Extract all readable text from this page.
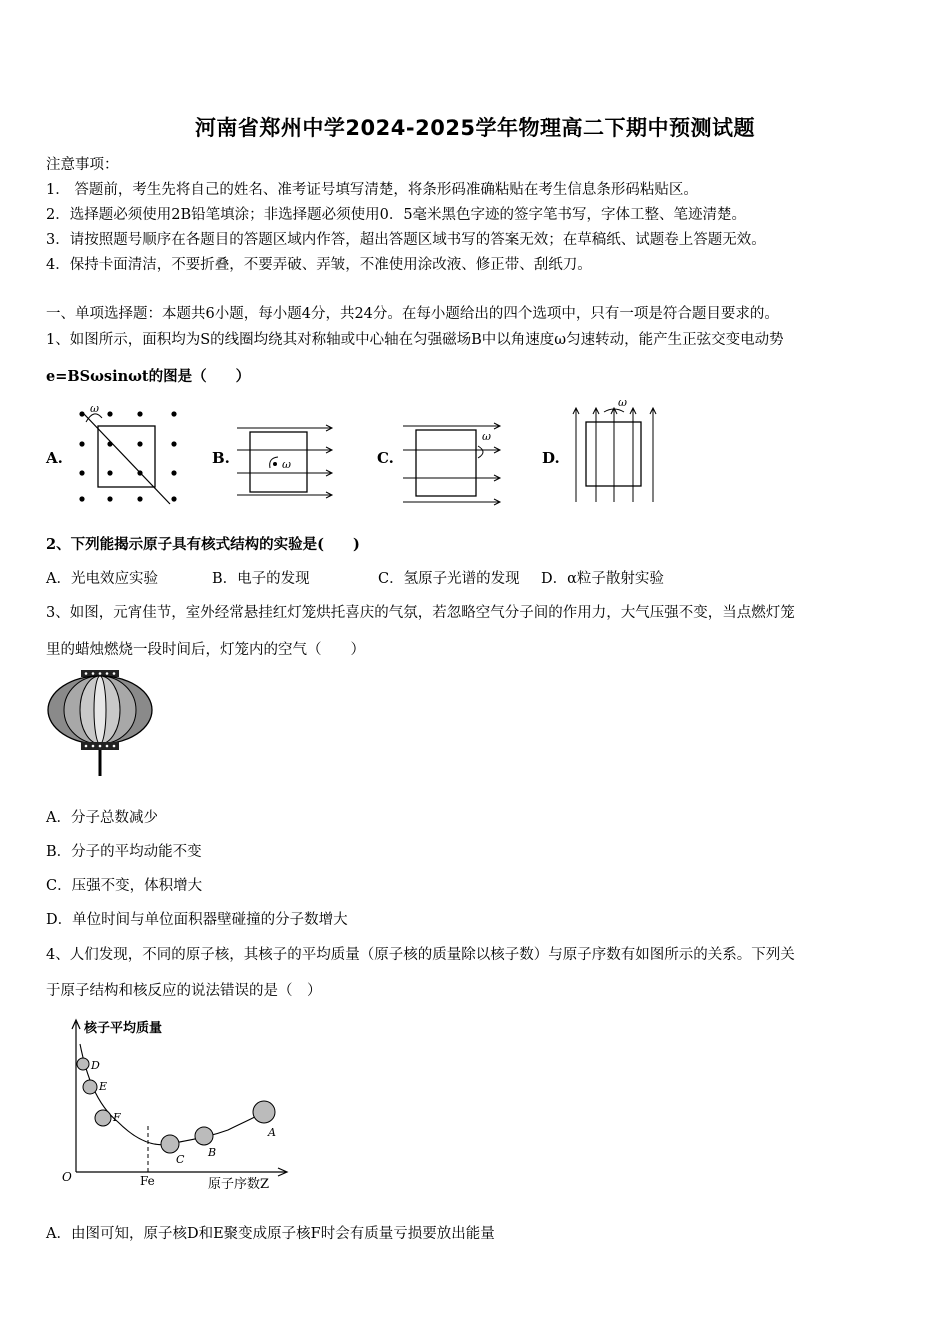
河南省郑州中学2024-2025学年物理高二下期中预测试题
注意事项：
1． 答题前，考生先将自己的姓名、准考证号填写清楚，将条形码准确粘贴在考生信息条形码粘贴区。
2．选择题必须使用2B铅笔填涂；非选择题必须使用0．5毫米黑色字迹的签字笔书写，字体工整、笔迹清楚。
3．请按照题号顺序在各题目的答题区域内作答，超出答题区域书写的答案无效；在草稿纸、试题卷上答题无效。
4．保持卡面清洁，不要折叠，不要弄破、弄皱，不准使用涂改液、修正带、刮纸刀。
一、单项选择题：本题共6小题，每小题4分，共24分。在每小题给出的四个选项中，只有一项是符合题目要求的。
1、如图所示，面积均为S的线圈均绕其对称轴或中心轴在匀强磁场B中以角速度ω匀速转动，能产生正弦交变电动势
e=BSωsinωt的图是（　　）
A.	B.	C.	D.
ω
ω
ω
ω
2、下列能揭示原子具有核式结构的实验是(　　)
A．光电效应实验	B．电子的发现	C．氢原子光谱的发现 D．α粒子散射实验
3、如图，元宵佳节，室外经常悬挂红灯笼烘托喜庆的气氛，若忽略空气分子间的作用力，大气压强不变，当点燃灯笼
里的蜡烛燃烧一段时间后，灯笼内的空气（　　）
A．分子总数减少
B．分子的平均动能不变
C．压强不变，体积增大
D．单位时间与单位面积器壁碰撞的分子数增大
4、人们发现，不同的原子核，其核子的平均质量（原子核的质量除以核子数）与原子序数有如图所示的关系。下列关
于原子结构和核反应的说法错误的是（　）
核子平均质量
原子序数Z
O	Fe
D
E
F
C
B
A
A．由图可知，原子核D和E聚变成原子核F时会有质量亏损要放出能量
